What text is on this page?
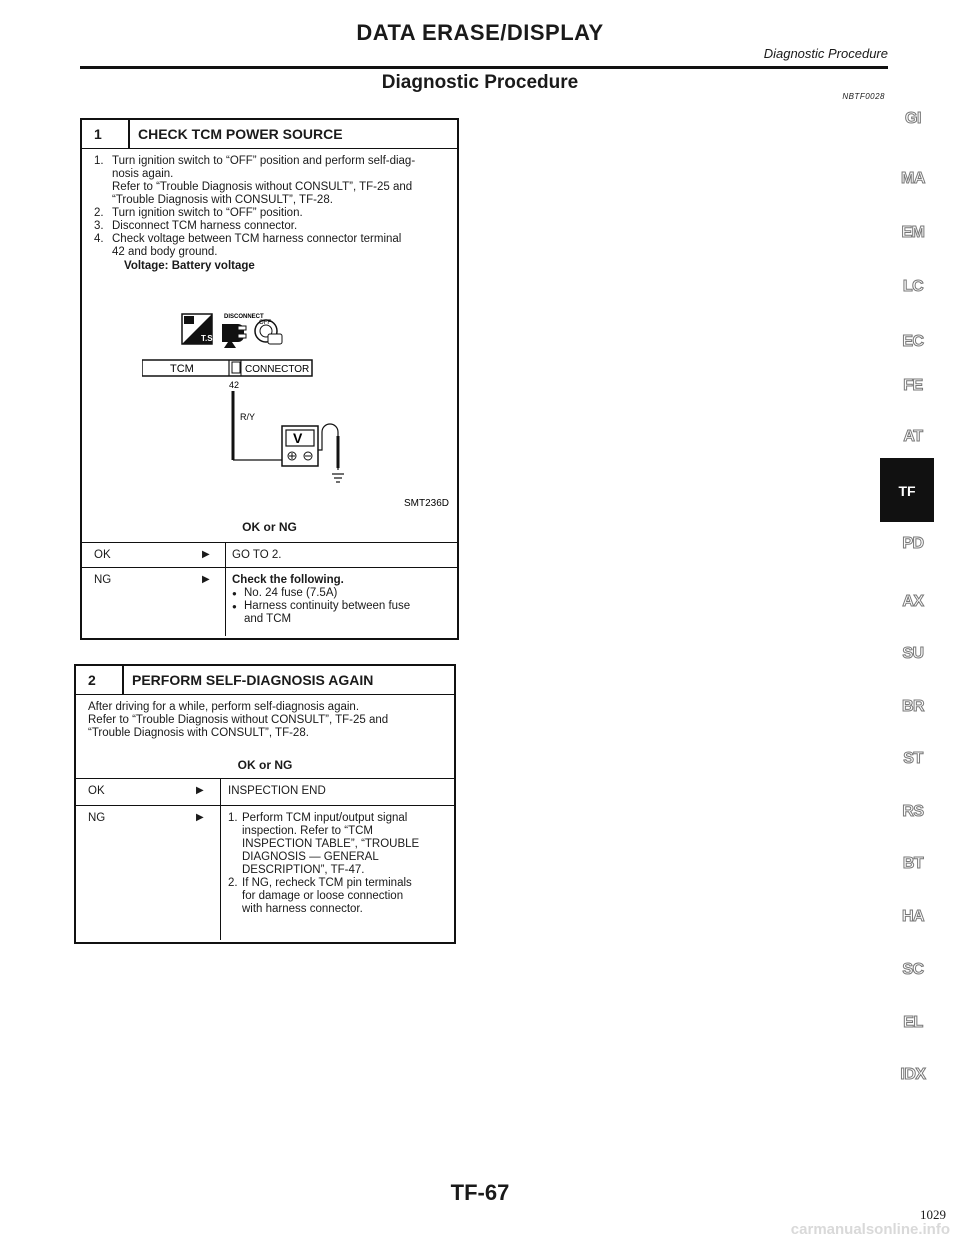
DATA ERASE/DISPLAY
Diagnostic Procedure
Diagnostic Procedure
NBTF0028
1	CHECK TCM POWER SOURCE
1. Turn ignition switch to “OFF” position and perform self-diag-
nosis again.
Refer to “Trouble Diagnosis without CONSULT”, TF-25 and
“Trouble Diagnosis with CONSULT”, TF-28.
2. Turn ignition switch to “OFF” position.
3. Disconnect TCM harness connector.
4. Check voltage between TCM harness connector terminal
42 and body ground.
Voltage: Battery voltage
T.S.
DISCONNECT
OFF
TCM	CONNECTOR
42
R/Y
V
SMT236D
OK or NG
OK	▶ GO TO 2.
NG	▶ Check the following.
● No. 24 fuse (7.5A)
● Harness continuity between fuse
and TCM
2	PERFORM SELF-DIAGNOSIS AGAIN
After driving for a while, perform self-diagnosis again.
Refer to “Trouble Diagnosis without CONSULT”, TF-25 and
“Trouble Diagnosis with CONSULT”, TF-28.
OK or NG
OK	▶ INSPECTION END
NG	▶ 1. Perform TCM input/output signal
inspection. Refer to “TCM
INSPECTION TABLE”, “TROUBLE
DIAGNOSIS — GENERAL
DESCRIPTION”, TF-47.
2. If NG, recheck TCM pin terminals
for damage or loose connection
with harness connector.
GI
MA
EM
LC
EC
FE
AT
TF
PD
AX
SU
BR
ST
RS
BT
HA
SC
EL
IDX
TF-67
1029
carmanualsonline.info
